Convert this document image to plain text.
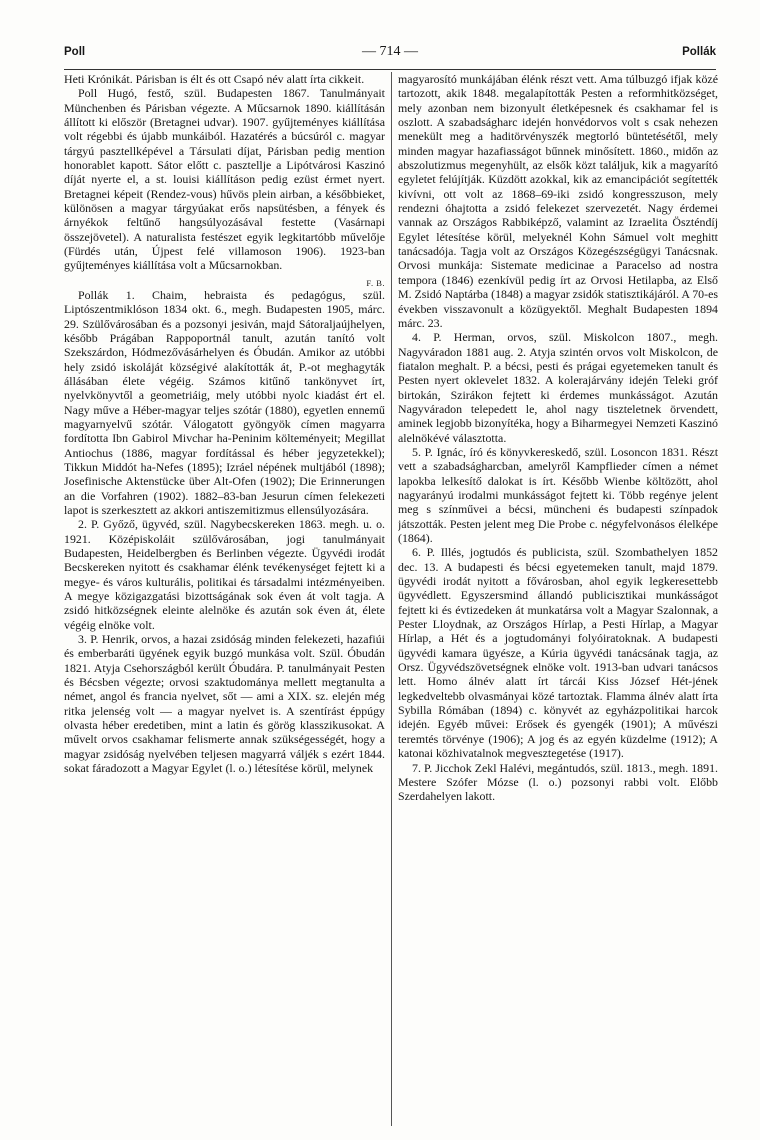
Poll	— 714 —	Pollák

Heti Krónikát. Párisban is élt és ott Csapó név alatt írta cikkeit.

Poll Hugó, festő, szül. Budapesten 1867. Tanulmányait Münchenben és Párisban végezte. A Műcsarnok 1890. kiállításán állított ki először (Bretagnei udvar). 1907. gyűjteményes kiállítása volt régebbi és újabb munkáiból. Hazatérés a búcsúról c. magyar tárgyú pasztellképével a Társulati díjat, Párisban pedig mention honorablet kapott. Sátor előtt c. pasztellje a Lipótvárosi Kaszinó díját nyerte el, a st. louisi kiállításon pedig ezüst érmet nyert. Bretagnei képeit (Rendez-vous) hűvös plein airban, a későbbieket, különösen a magyar tárgyúakat erős napsütésben, a fények és árnyékok feltűnő hangsúlyozásával festette (Vasárnapi összejövetel). A naturalista festészet egyik legkitartóbb művelője (Fürdés után, Újpest felé villamoson 1906). 1923-ban gyűjteményes kiállítása volt a Műcsarnokban.

F. B.

Pollák 1. Chaim, hebraista és pedagógus, szül. Liptószentmiklóson 1834 okt. 6., megh. Budapesten 1905, márc. 29. Szülővárosában és a pozsonyi jesiván, majd Sátoraljaújhelyen, később Prágában Rappoportnál tanult, azután tanító volt Szekszárdon, Hódmezővásárhelyen és Óbudán. Amikor az utóbbi hely zsidó iskoláját községivé alakították át, P.-ot meghagyták állásában élete végéig. Számos kitűnő tankönyvet írt, nyelvkönyvtől a geometriáig, mely utóbbi nyolc kiadást ért el. Nagy műve a Héber-magyar teljes szótár (1880), egyetlen ennemű magyarnyelvű szótár. Válogatott gyöngyök címen magyarra fordította Ibn Gabirol Mivchar ha-Peninim költeményeit; Megillat Antiochus (1886, magyar fordítással és héber jegyzetekkel); Tikkun Middót ha-Nefes (1895); Izráel népének multjából (1898); Josefinische Aktenstücke über Alt-Ofen (1902); Die Erinnerungen an die Vorfahren (1902). 1882–83-ban Jesurun címen felekezeti lapot is szerkesztett az akkori antiszemitizmus ellensúlyozására.

2. P. Győző, ügyvéd, szül. Nagybecskereken 1863. megh. u. o. 1921. Középiskoláit szülővárosában, jogi tanulmányait Budapesten, Heidelbergben és Berlinben végezte. Ügyvédi irodát Becskereken nyitott és csakhamar élénk tevékenységet fejtett ki a megye- és város kulturális, politikai és társadalmi intézményeiben. A megye közigazgatási bizottságának sok éven át volt tagja. A zsidó hitközségnek eleinte alelnöke és azután sok éven át, élete végéig elnöke volt.

3. P. Henrik, orvos, a hazai zsidóság minden felekezeti, hazafiúi és emberbaráti ügyének egyik buzgó munkása volt. Szül. Óbudán 1821. Atyja Csehországból került Óbudára. P. tanulmányait Pesten és Bécsben végezte; orvosi szaktudománya mellett megtanulta a német, angol és francia nyelvet, sőt — ami a XIX. sz. elején még ritka jelenség volt — a magyar nyelvet is. A szentírást éppúgy olvasta héber eredetiben, mint a latin és görög klasszikusokat. A művelt orvos csakhamar felismerte annak szükségességét, hogy a magyar zsidóság nyelvében teljesen magyarrá váljék s ezért 1844. sokat fáradozott a Magyar Egylet (l. o.) létesítése körül, melynek

magyarosító munkájában élénk részt vett. Ama túlbuzgó ifjak közé tartozott, akik 1848. megalapították Pesten a reformhitközséget, mely azonban nem bizonyult életképesnek és csakhamar fel is oszlott. A szabadságharc idején honvédorvos volt s csak nehezen menekült meg a haditörvényszék megtorló büntetésétől, mely minden magyar hazafiasságot bűnnek minősített. 1860., midőn az abszolutizmus megenyhült, az elsők közt találjuk, kik a magyarító egyletet felújítják. Küzdött azokkal, kik az emancipációt segítették kivívni, ott volt az 1868–69-iki zsidó kongresszuson, mely rendezni óhajtotta a zsidó felekezet szervezetét. Nagy érdemei vannak az Országos Rabbiképző, valamint az Izraelita Öszténdíj Egylet létesítése körül, melyeknél Kohn Sámuel volt meghitt tanácsadója. Tagja volt az Országos Közegészségügyi Tanácsnak. Orvosi munkája: Sistemate medicinae a Paracelso ad nostra tempora (1846) ezenkívül pedig írt az Orvosi Hetilapba, az Első M. Zsidó Naptárba (1848) a magyar zsidók statisztikájáról. A 70-es években visszavonult a közügyektől. Meghalt Budapesten 1894 márc. 23.

4. P. Herman, orvos, szül. Miskolcon 1807., megh. Nagyváradon 1881 aug. 2. Atyja szintén orvos volt Miskolcon, de fiatalon meghalt. P. a bécsi, pesti és prágai egyetemeken tanult és Pesten nyert oklevelet 1832. A kolerajárvány idején Teleki gróf birtokán, Szirákon fejtett ki érdemes munkásságot. Azután Nagyváradon telepedett le, ahol nagy tiszteletnek örvendett, aminek legjobb bizonyítéka, hogy a Biharmegyei Nemzeti Kaszinó alelnökévé választotta.

5. P. Ignác, író és könyvkereskedő, szül. Losoncon 1831. Részt vett a szabadságharcban, amelyről Kampflieder címen a német lapokba lelkesítő dalokat is írt. Később Wienbe költözött, ahol nagyarányú irodalmi munkásságot fejtett ki. Több regénye jelent meg s színművei a bécsi, müncheni és budapesti színpadok játszották. Pesten jelent meg Die Probe c. négyfelvonásos élelképe (1864).

6. P. Illés, jogtudós és publicista, szül. Szombathelyen 1852 dec. 13. A budapesti és bécsi egyetemeken tanult, majd 1879. ügyvédi irodát nyitott a fővárosban, ahol egyik legkeresettebb ügyvédlett. Egyszersmind állandó publicisztikai munkásságot fejtett ki és évtizedeken át munkatársa volt a Magyar Szalonnak, a Pester Lloydnak, az Országos Hírlap, a Pesti Hírlap, a Magyar Hírlap, a Hét és a jogtudományi folyóiratoknak. A budapesti ügyvédi kamara ügyésze, a Kúria ügyvédi tanácsának tagja, az Orsz. Ügyvédszövetségnek elnöke volt. 1913-ban udvari tanácsos lett. Homo álnév alatt írt tárcái Kiss József Hét-jének legkedveltebb olvasmányai közé tartoztak. Flamma álnév alatt írta Sybilla Rómában (1894) c. könyvét az egyházpolitikai harcok idején. Egyéb művei: Erősek és gyengék (1901); A művészi teremtés törvénye (1906); A jog és az egyén küzdelme (1912); A katonai közhivatalnok megvesztegetése (1917).

7. P. Jicchok Zekl Halévi, megántudós, szül. 1813., megh. 1891. Mestere Szófer Mózse (l. o.) pozsonyi rabbi volt. Előbb Szerdahelyen lakott.
